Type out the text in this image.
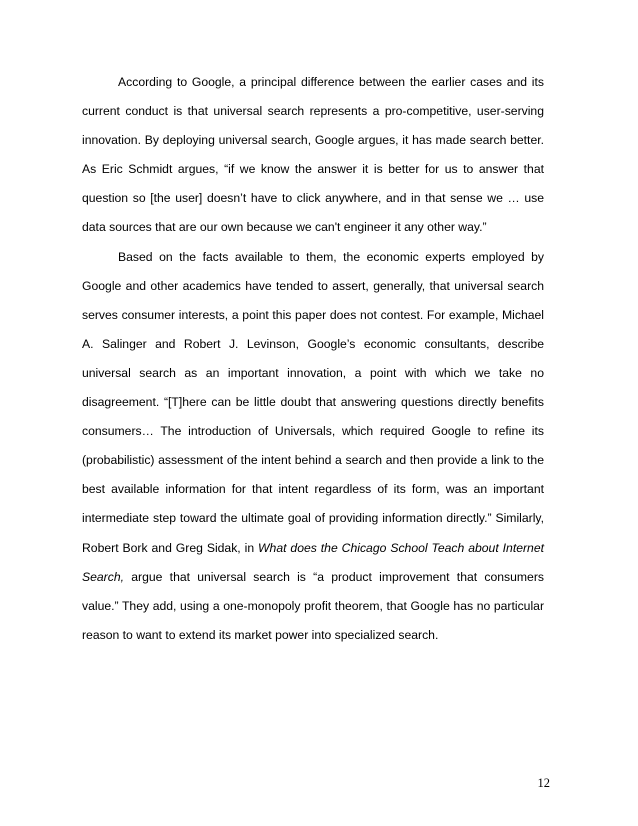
According to Google, a principal difference between the earlier cases and its current conduct is that universal search represents a pro-competitive, user-serving innovation. By deploying universal search, Google argues, it has made search better. As Eric Schmidt argues, “if we know the answer it is better for us to answer that question so [the user] doesn’t have to click anywhere, and in that sense we … use data sources that are our own because we can't engineer it any other way.”

Based on the facts available to them, the economic experts employed by Google and other academics have tended to assert, generally, that universal search serves consumer interests, a point this paper does not contest. For example, Michael A. Salinger and Robert J. Levinson, Google’s economic consultants, describe universal search as an important innovation, a point with which we take no disagreement. “[T]here can be little doubt that answering questions directly benefits consumers… The introduction of Universals, which required Google to refine its (probabilistic) assessment of the intent behind a search and then provide a link to the best available information for that intent regardless of its form, was an important intermediate step toward the ultimate goal of providing information directly.” Similarly, Robert Bork and Greg Sidak, in What does the Chicago School Teach about Internet Search, argue that universal search is “a product improvement that consumers value.” They add, using a one-monopoly profit theorem, that Google has no particular reason to want to extend its market power into specialized search.

12
